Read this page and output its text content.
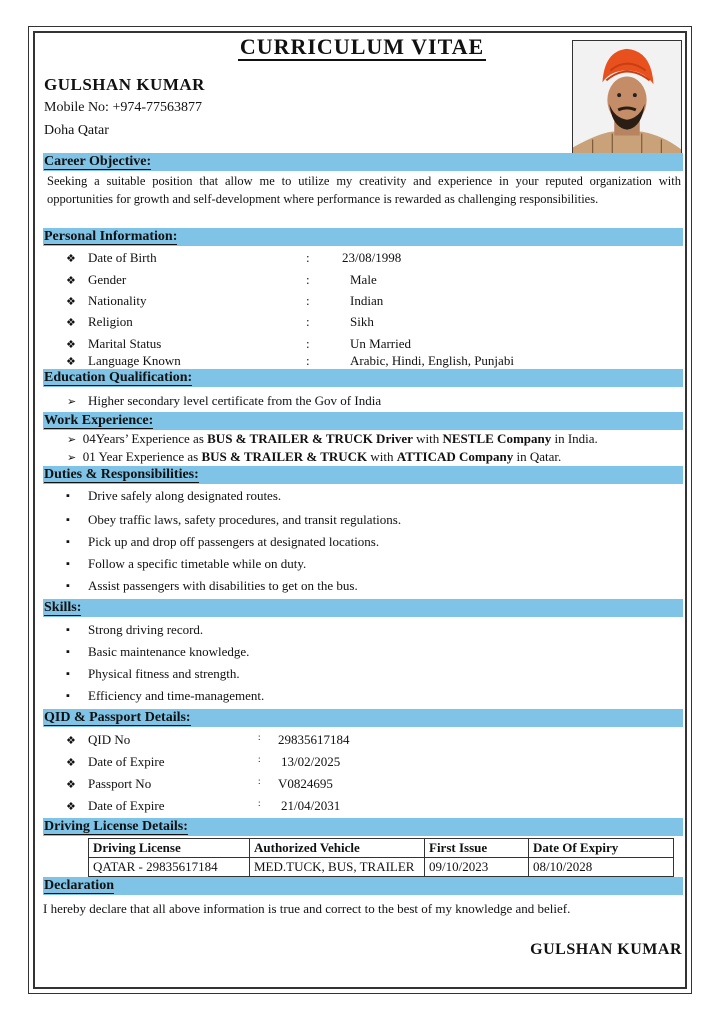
CURRICULUM VITAE
GULSHAN KUMAR
Mobile No: +974-77563877
Doha Qatar
Career Objective:
Seeking a suitable position that allow me to utilize my creativity and experience in your reputed organization with opportunities for growth and self-development where performance is rewarded as challenging responsibilities.
Personal Information:
❖ Date of Birth	: 23/08/1998
❖ Gender	:	Male
❖ Nationality	:	Indian
❖ Religion	:	Sikh
❖ Marital Status	:	Un Married
❖ Language Known	:	Arabic, Hindi, English, Punjabi
Education Qualification:
➢ Higher secondary level certificate from the Gov of India
Work Experience:
➢ 04Years’ Experience as BUS & TRAILER & TRUCK Driver with NESTLE Company in India.
➢ 01 Year Experience as BUS & TRAILER & TRUCK with ATTICAD Company in Qatar.
Duties & Responsibilities:
▪ Drive safely along designated routes.
▪ Obey traffic laws, safety procedures, and transit regulations.
▪ Pick up and drop off passengers at designated locations.
▪ Follow a specific timetable while on duty.
▪ Assist passengers with disabilities to get on the bus.
Skills:
▪ Strong driving record.
▪ Basic maintenance knowledge.
▪ Physical fitness and strength.
▪ Efficiency and time-management.
QID & Passport Details:
❖ QID No	: 29835617184
❖ Date of Expire	: 13/02/2025
❖ Passport No	: V0824695
❖ Date of Expire	: 21/04/2031
Driving License Details:
Driving License	Authorized Vehicle	First Issue	Date Of Expiry
QATAR - 29835617184	MED.TUCK, BUS, TRAILER	09/10/2023	08/10/2028
Declaration
I hereby declare that all above information is true and correct to the best of my knowledge and belief.
GULSHAN KUMAR
